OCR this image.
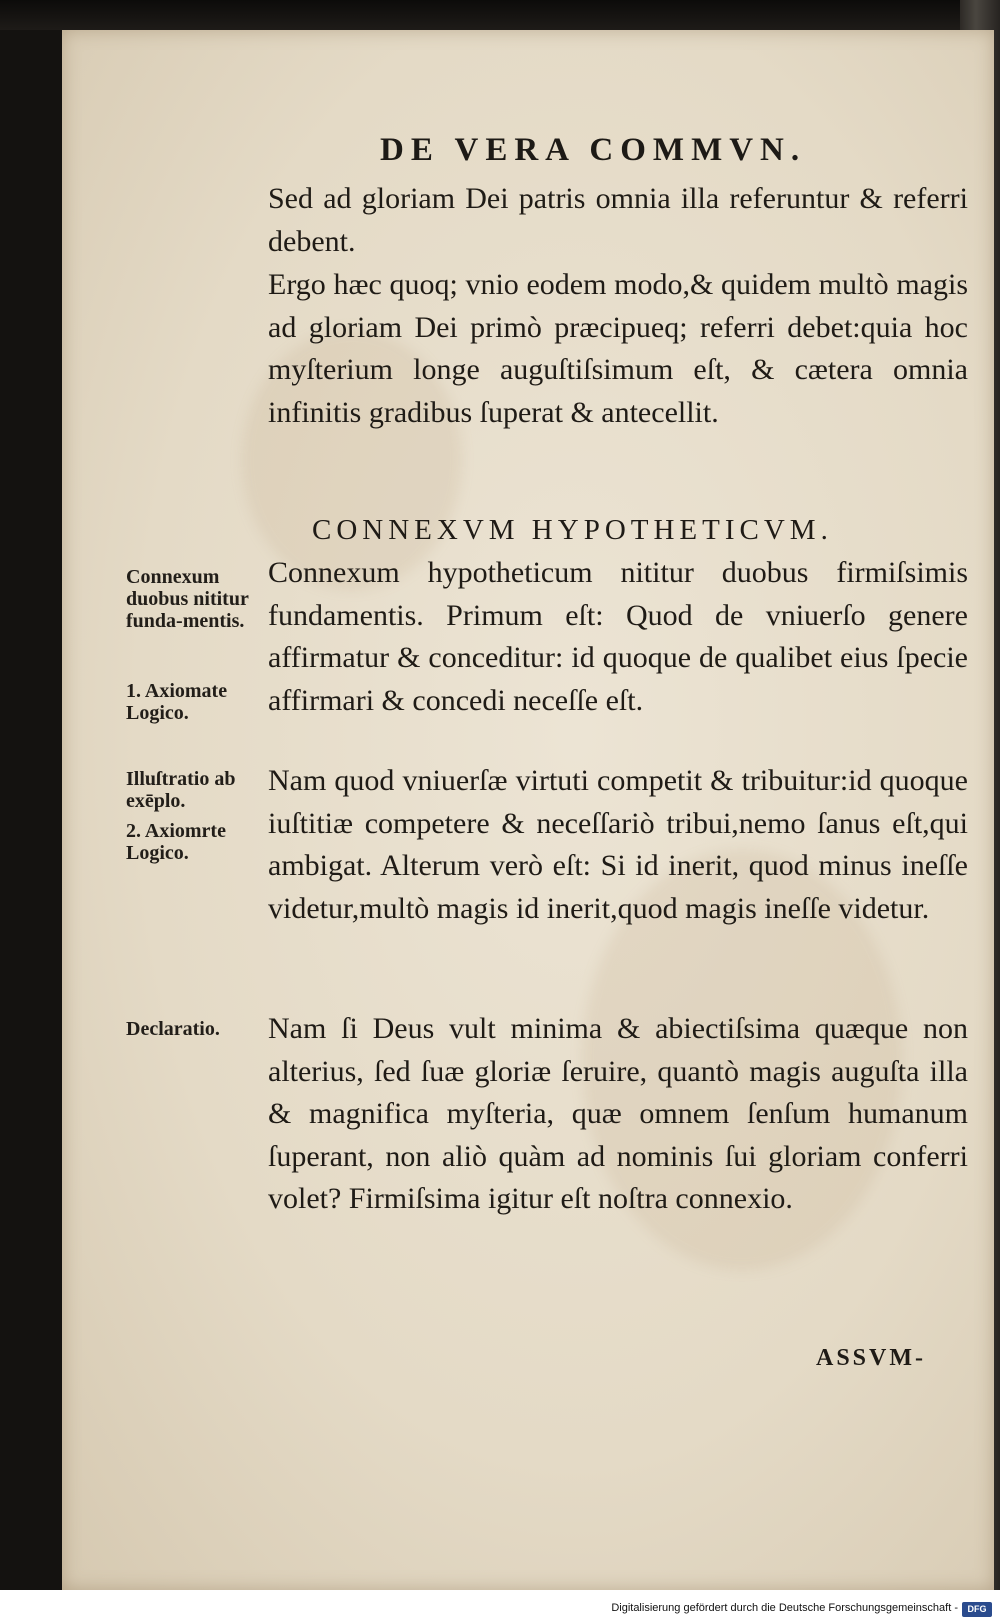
DE VERA COMMVN.

Sed ad gloriam Dei patris omnia illa referuntur & referri debent.

Ergo hæc quoq; vnio eodem modo,& quidem multò magis ad gloriam Dei primò præcipueq; referri debet:quia hoc myſterium longe auguſtiſsimum eſt, & cætera omnia infinitis gradibus ſuperat & antecellit.

CONNEXVM HYPOTHETICVM.

Connexum hypotheticum nititur duobus firmiſsimis fundamentis. Primum eſt: Quod de vniuerſo genere affirmatur & conceditur: id quoque de qualibet eius ſpecie affirmari & concedi neceſſe eſt.

Nam quod vniuerſæ virtuti competit & tribuitur:id quoque iuſtitiæ competere & neceſſariò tribui,nemo ſanus eſt,qui ambigat. Alterum verò eſt: Si id inerit, quod minus ineſſe videtur,multò magis id inerit,quod magis ineſſe videtur.

Nam ſi Deus vult minima & abiectiſsima quæque non alterius, ſed ſuæ gloriæ ſeruire, quantò magis auguſta illa & magnifica myſteria, quæ omnem ſenſum humanum ſuperant, non aliò quàm ad nominis ſui gloriam conferri volet? Firmiſsima igitur eſt noſtra connexio.

Connexum duobus nititur funda-mentis.

1. Axiomate Logico.

Illuſtratio ab exēplo.

2. Axiomrte Logico.

Declaratio.

ASSVM-
Digitalisierung gefördert durch die Deutsche Forschungsgemeinschaft -	DFG
